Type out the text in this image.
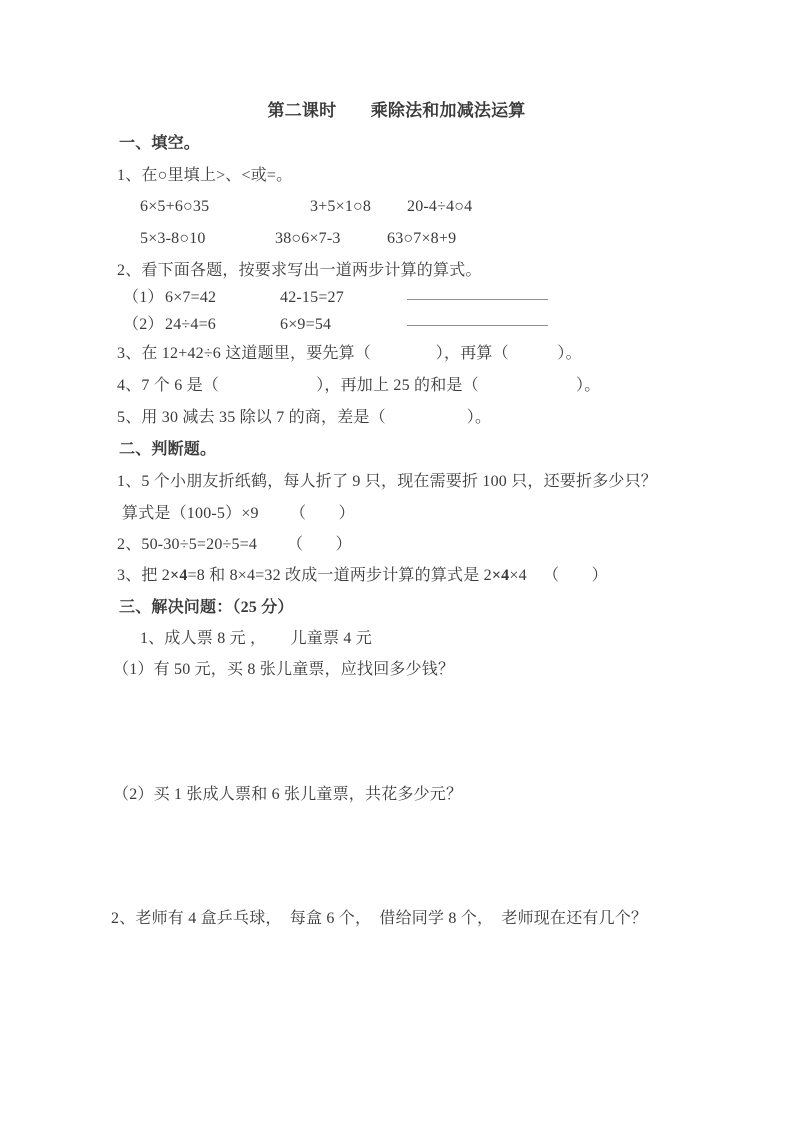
第二课时　　乘除法和加减法运算
一、填空。
1、在○里填上>、<或=。
6×5+6○35	3+5×1○8 20-4÷4○4
5×3-8○10	38○6×7-3	63○7×8+9
2、看下面各题，按要求写出一道两步计算的算式。
（1） 6×7=42	42-15=27
（2） 24÷4=6	6×9=54
3、在 12+42÷6 这道题里，要先算（　　　　），再算（　　　）。
4、7 个 6 是（　　　　　　），再加上 25 的和是（　　　　　　）。
5、用 30 减去 35 除以 7 的商，差是（　　　　　）。
二、判断题。
1、5 个小朋友折纸鹤，每人折了 9 只，现在需要折 100 只，还要折多少只？
算式是（100-5）×9 （　　）
2、50-30÷5=20÷5=4 （　　）
3、把 2×4=8 和 8×4=32 改成一道两步计算的算式是 2×4×4 （　　）
三、解决问题：（25 分）
1、成人票 8 元 ，　　儿童票 4 元
（1）有 50 元，买 8 张儿童票，应找回多少钱？
（2）买 1 张成人票和 6 张儿童票，共花多少元？
2、老师有 4 盒乒乓球，　每盒 6 个，　借给同学 8 个，　老师现在还有几个？
